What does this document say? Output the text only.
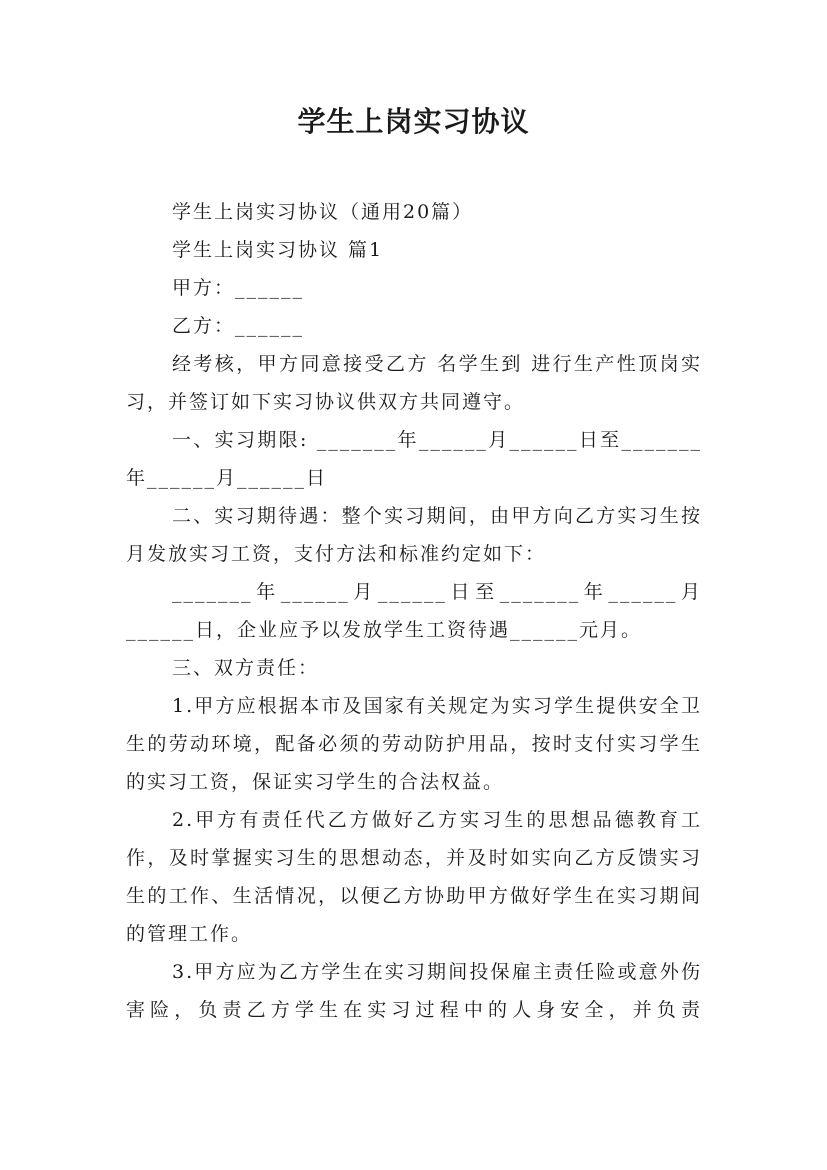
学生上岗实习协议

学生上岗实习协议（通用20篇）

学生上岗实习协议 篇1

甲方：______

乙方：______

经考核，甲方同意接受乙方 名学生到 进行生产性顶岗实习，并签订如下实习协议供双方共同遵守。

一、实习期限: _______年______月______日至_______年______月______日

二、实习期待遇：整个实习期间，由甲方向乙方实习生按月发放实习工资，支付方法和标准约定如下：

_______年______月______日至_______年______月______日，企业应予以发放学生工资待遇______元月。

三、双方责任：

1.甲方应根据本市及国家有关规定为实习学生提供安全卫生的劳动环境，配备必须的劳动防护用品，按时支付实习学生的实习工资，保证实习学生的合法权益。

2.甲方有责任代乙方做好乙方实习生的思想品德教育工作，及时掌握实习生的思想动态，并及时如实向乙方反馈实习生的工作、生活情况，以便乙方协助甲方做好学生在实习期间的管理工作。

3.甲方应为乙方学生在实习期间投保雇主责任险或意外伤害险，负责乙方学生在实习过程中的人身安全，并负责
